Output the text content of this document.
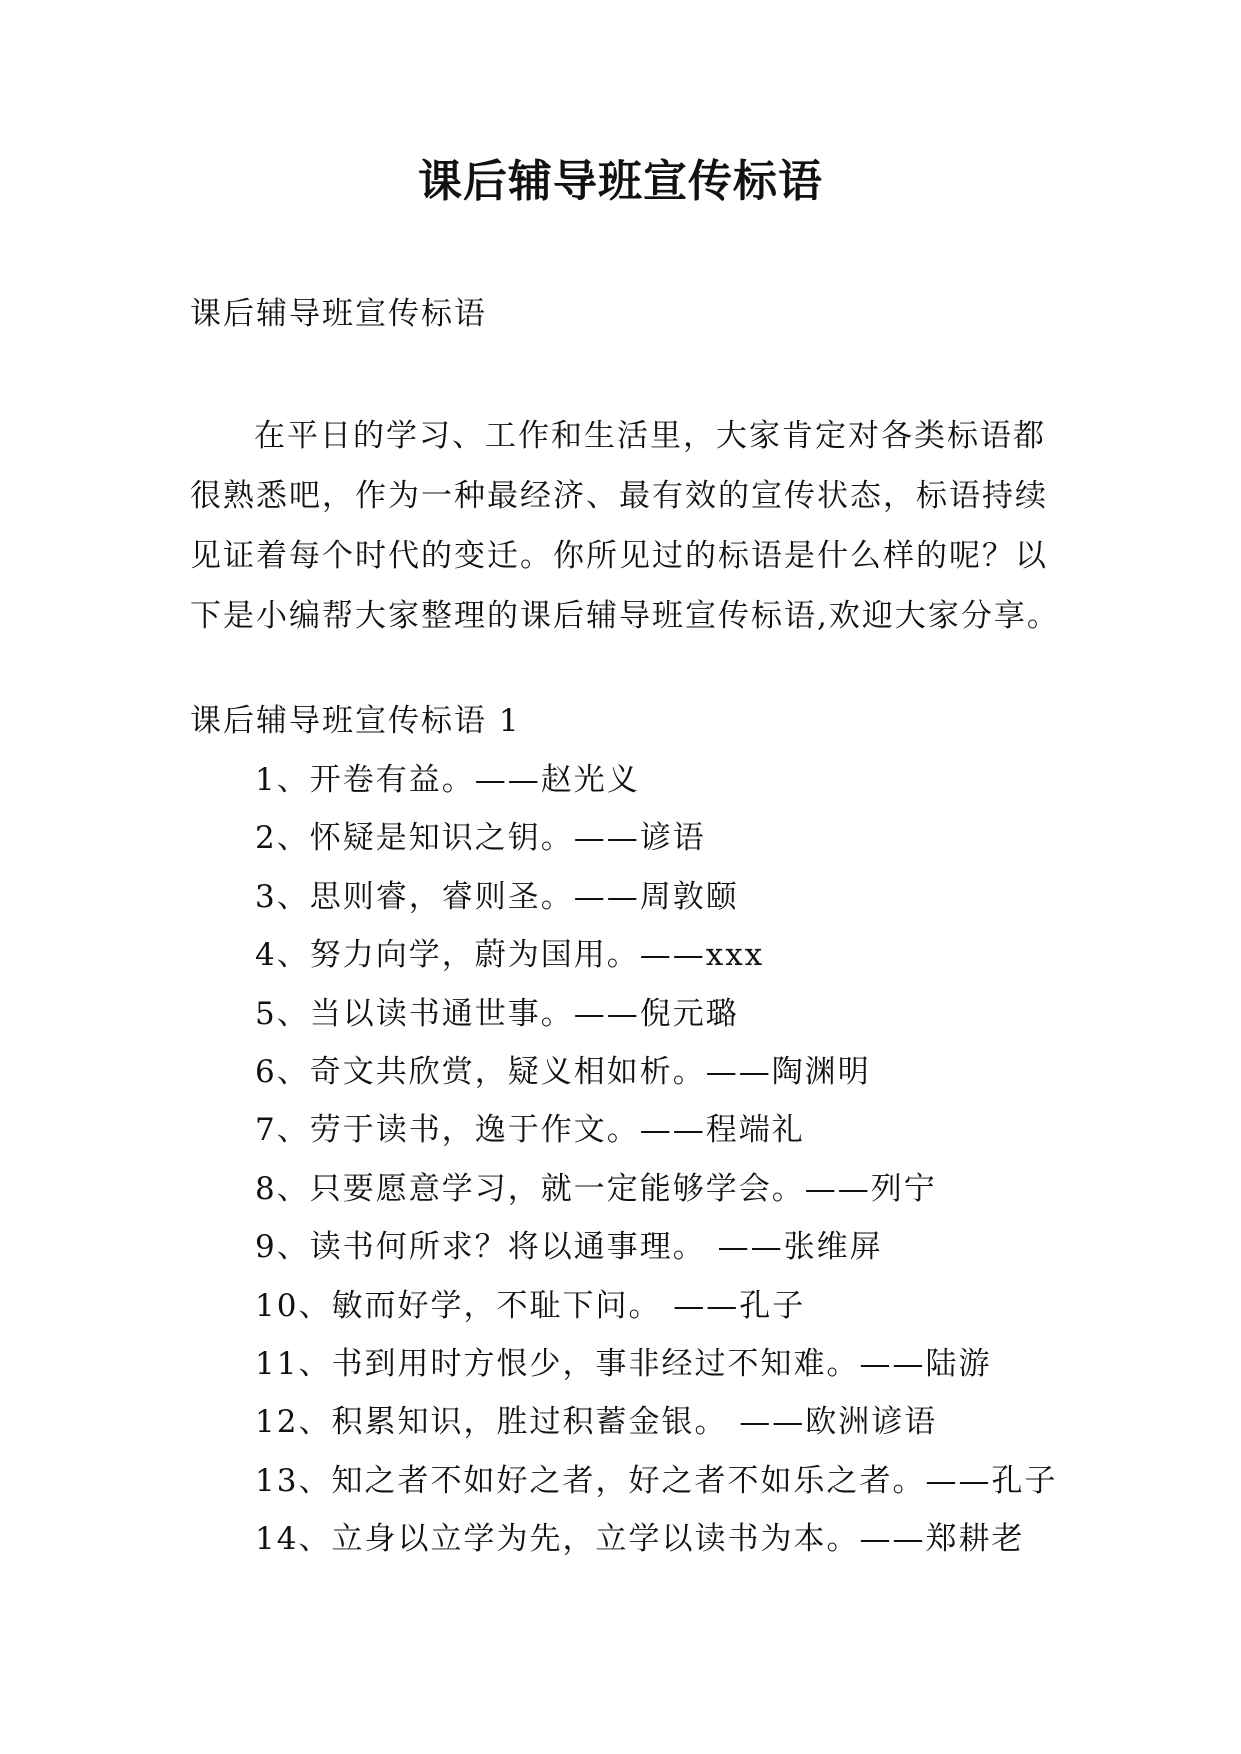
课后辅导班宣传标语
课后辅导班宣传标语

在平日的学习、工作和生活里，大家肯定对各类标语都
很熟悉吧，作为一种最经济、最有效的宣传状态，标语持续
见证着每个时代的变迁。你所见过的标语是什么样的呢？以
下是小编帮大家整理的课后辅导班宣传标语,欢迎大家分享。

课后辅导班宣传标语 1
1、开卷有益。——赵光义
2、怀疑是知识之钥。——谚语
3、思则睿，睿则圣。——周敦颐
4、努力向学，蔚为国用。——xxx
5、当以读书通世事。——倪元璐
6、奇文共欣赏，疑义相如析。——陶渊明
7、劳于读书，逸于作文。——程端礼
8、只要愿意学习，就一定能够学会。——列宁
9、读书何所求？将以通事理。 ——张维屏
10、敏而好学，不耻下问。 ——孔子
11、书到用时方恨少，事非经过不知难。——陆游
12、积累知识，胜过积蓄金银。 ——欧洲谚语
13、知之者不如好之者，好之者不如乐之者。——孔子
14、立身以立学为先，立学以读书为本。——郑耕老
